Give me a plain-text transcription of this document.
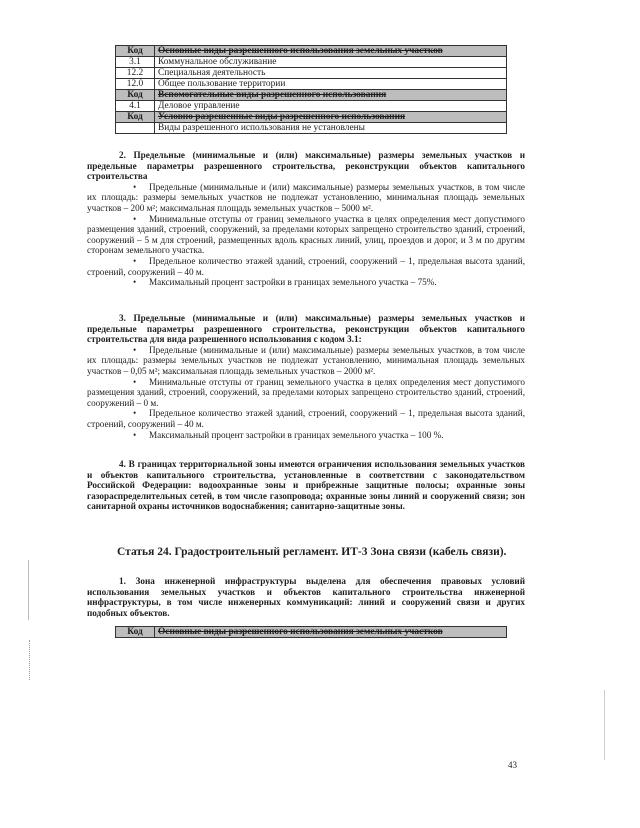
Код	Основные виды разрешенного использования земельных участков
3.1	Коммунальное обслуживание
12.2	Специальная деятельность
12.0	Общее пользование территории
Код	Вспомогательные виды разрешенного использования
4.1	Деловое управление
Код	Условно разрешенные виды разрешенного использования
	Виды разрешенного использования не установлены

2. Предельные (минимальные и (или) максимальные) размеры земельных участков и предельные параметры разрешенного строительства, реконструкции объектов капитального строительства

• Предельные (минимальные и (или) максимальные) размеры земельных участков, в том числе их площадь: размеры земельных участков не подлежат установлению, минимальная площадь земельных участков – 200 м²; максимальная площадь земельных участков – 5000 м².

• Минимальные отступы от границ земельного участка в целях определения мест допустимого размещения зданий, строений, сооружений, за пределами которых запрещено строительство зданий, строений, сооружений – 5 м для строений, размещенных вдоль красных линий, улиц, проездов и дорог, и 3 м по другим сторонам земельного участка.

• Предельное количество этажей зданий, строений, сооружений – 1, предельная высота зданий, строений, сооружений – 40 м.

• Максимальный процент застройки в границах земельного участка – 75%.

3. Предельные (минимальные и (или) максимальные) размеры земельных участков и предельные параметры разрешенного строительства, реконструкции объектов капитального строительства для вида разрешенного использования с кодом 3.1:

• Предельные (минимальные и (или) максимальные) размеры земельных участков, в том числе их площадь: размеры земельных участков не подлежат установлению, минимальная площадь земельных участков – 0,05 м²; максимальная площадь земельных участков – 2000 м².

• Минимальные отступы от границ земельного участка в целях определения мест допустимого размещения зданий, строений, сооружений, за пределами которых запрещено строительство зданий, строений, сооружений – 0 м.

• Предельное количество этажей зданий, строений, сооружений – 1, предельная высота зданий, строений, сооружений – 40 м.

• Максимальный процент застройки в границах земельного участка – 100 %.

4. В границах территориальной зоны имеются ограничения использования земельных участков и объектов капитального строительства, установленные в соответствии с законодательством Российской Федерации: водоохранные зоны и прибрежные защитные полосы; охранные зоны газораспределительных сетей, в том числе газопровода; охранные зоны линий и сооружений связи; зон санитарной охраны источников водоснабжения; санитарно-защитные зоны.

Статья 24. Градостроительный регламент. ИТ-3 Зона связи (кабель связи).

1. Зона инженерной инфраструктуры выделена для обеспечения правовых условий использования земельных участков и объектов капитального строительства инженерной инфраструктуры, в том числе инженерных коммуникаций: линий и сооружений связи и других подобных объектов.

Код	Основные виды разрешенного использования земельных участков
43
